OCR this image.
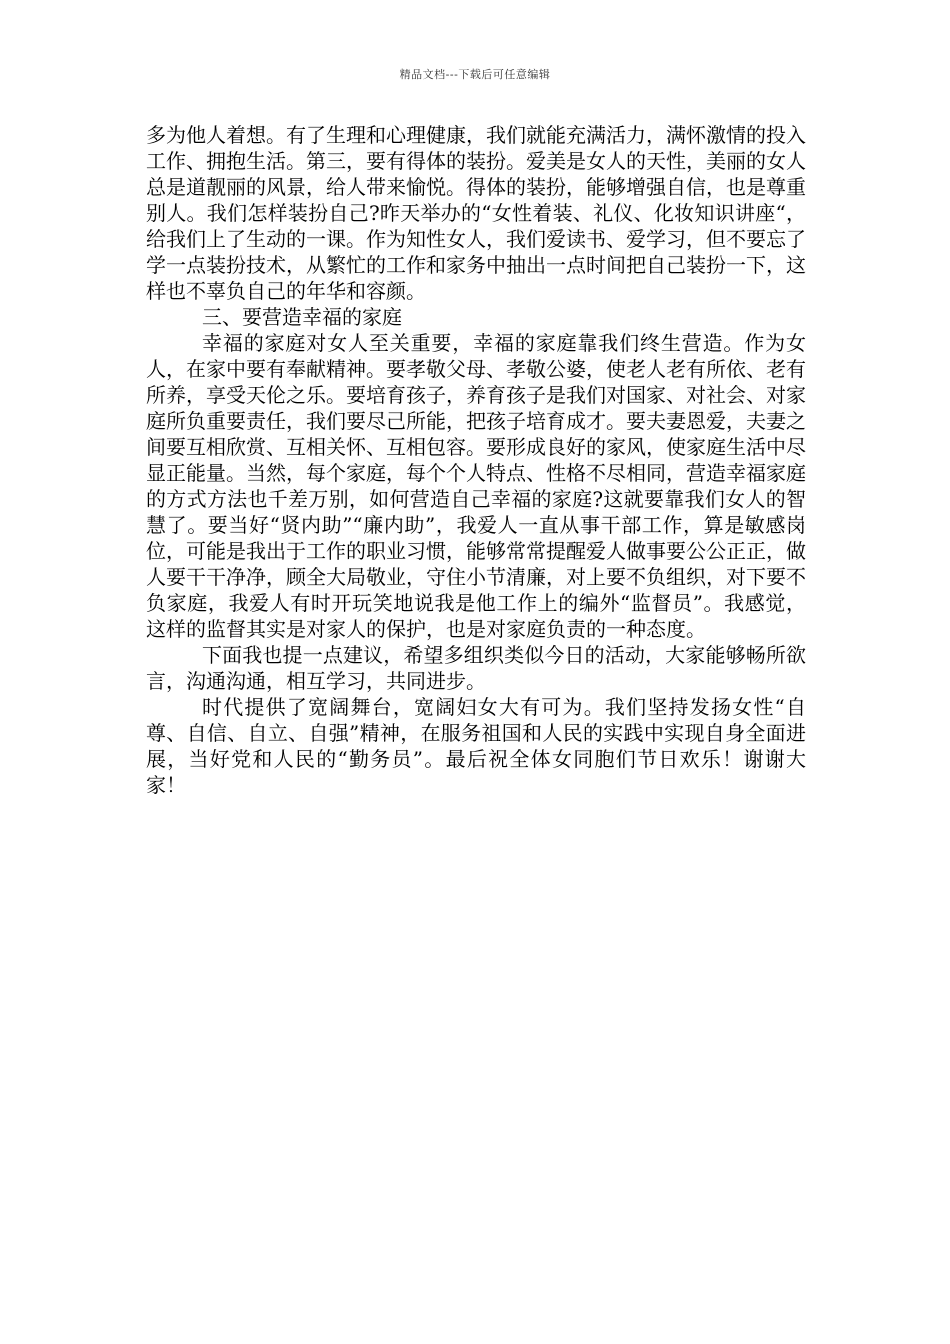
精品文档---下载后可任意编辑

多为他人着想。有了生理和心理健康，我们就能充满活力，满怀激情的投入工作、拥抱生活。第三，要有得体的装扮。爱美是女人的天性，美丽的女人总是道靓丽的风景，给人带来愉悦。得体的装扮，能够增强自信，也是尊重别人。我们怎样装扮自己?昨天举办的“女性着装、礼仪、化妆知识讲座“，给我们上了生动的一课。作为知性女人，我们爱读书、爱学习，但不要忘了学一点装扮技术，从繁忙的工作和家务中抽出一点时间把自己装扮一下，这样也不辜负自己的年华和容颜。

三、要营造幸福的家庭

幸福的家庭对女人至关重要，幸福的家庭靠我们终生营造。作为女人，在家中要有奉献精神。要孝敬父母、孝敬公婆，使老人老有所依、老有所养，享受天伦之乐。要培育孩子，养育孩子是我们对国家、对社会、对家庭所负重要责任，我们要尽己所能，把孩子培育成才。要夫妻恩爱，夫妻之间要互相欣赏、互相关怀、互相包容。要形成良好的家风，使家庭生活中尽显正能量。当然，每个家庭，每个个人特点、性格不尽相同，营造幸福家庭的方式方法也千差万别，如何营造自己幸福的家庭?这就要靠我们女人的智慧了。要当好“贤内助”“廉内助”，我爱人一直从事干部工作，算是敏感岗位，可能是我出于工作的职业习惯，能够常常提醒爱人做事要公公正正，做人要干干净净，顾全大局敬业，守住小节清廉，对上要不负组织，对下要不负家庭，我爱人有时开玩笑地说我是他工作上的编外“监督员”。我感觉，这样的监督其实是对家人的保护，也是对家庭负责的一种态度。

下面我也提一点建议，希望多组织类似今日的活动，大家能够畅所欲言，沟通沟通，相互学习，共同进步。

时代提供了宽阔舞台，宽阔妇女大有可为。我们坚持发扬女性“自尊、自信、自立、自强”精神，在服务祖国和人民的实践中实现自身全面进展，当好党和人民的“勤务员”。最后祝全体女同胞们节日欢乐！谢谢大家！
